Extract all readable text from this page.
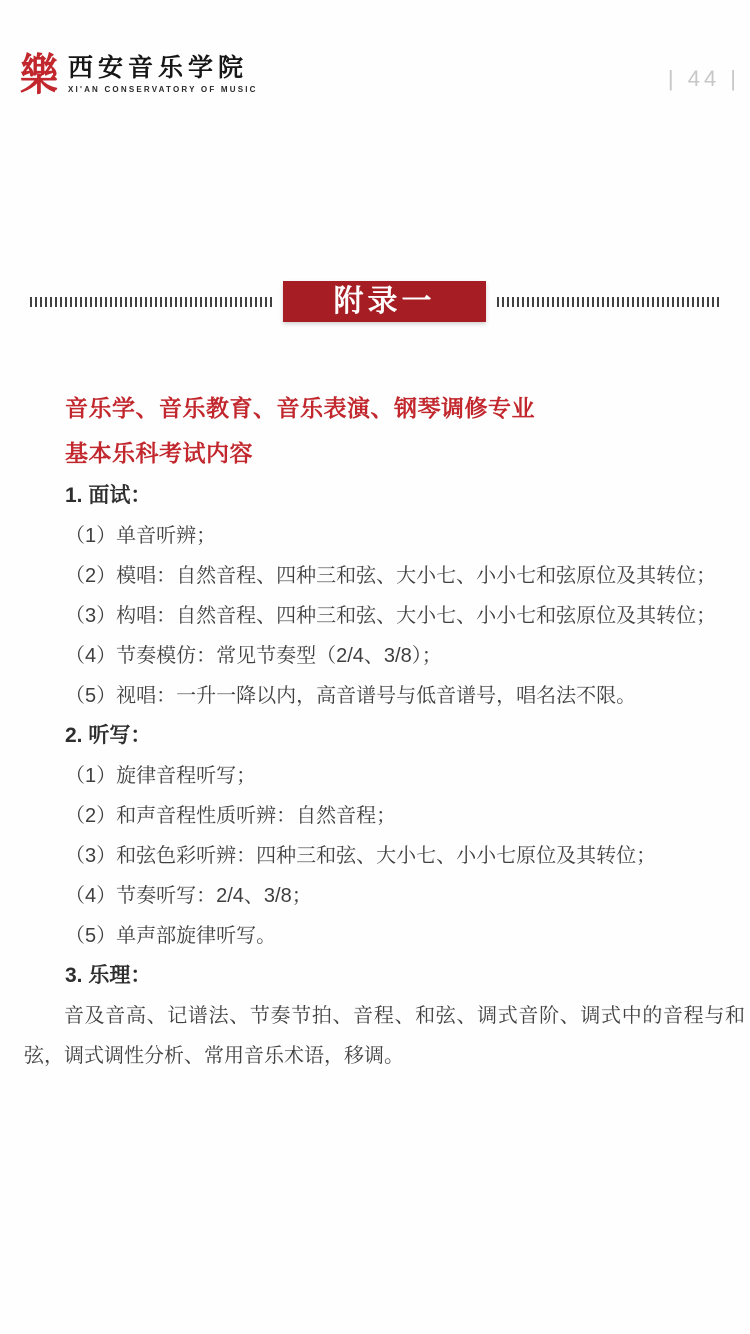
樂 西安音乐学院
XI'AN CONSERVATORY OF MUSIC	| 44 |
附录一
音乐学、音乐教育、音乐表演、钢琴调修专业
基本乐科考试内容
1. 面试：
（1）单音听辨；
（2）模唱：自然音程、四种三和弦、大小七、小小七和弦原位及其转位；
（3）构唱：自然音程、四种三和弦、大小七、小小七和弦原位及其转位；
（4）节奏模仿：常见节奏型（2/4、3/8）；
（5）视唱：一升一降以内，高音谱号与低音谱号，唱名法不限。
2. 听写：
（1）旋律音程听写；
（2）和声音程性质听辨：自然音程；
（3）和弦色彩听辨：四种三和弦、大小七、小小七原位及其转位；
（4）节奏听写：2/4、3/8；
（5）单声部旋律听写。
3. 乐理：
音及音高、记谱法、节奏节拍、音程、和弦、调式音阶、调式中的音程与和弦，调式调性分析、常用音乐术语，移调。
